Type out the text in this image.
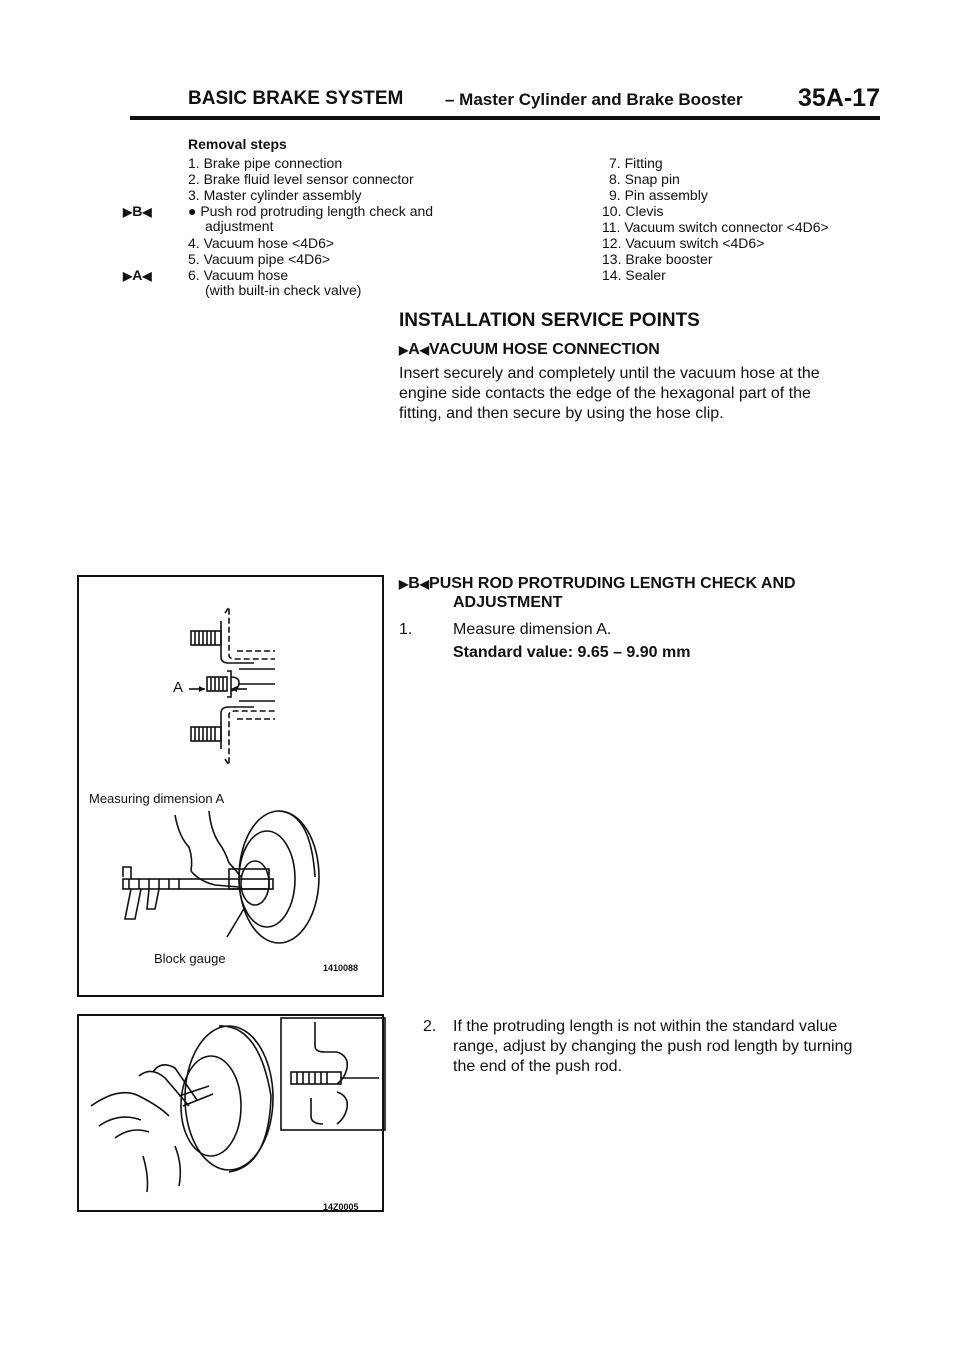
BASIC BRAKE SYSTEM – Master Cylinder and Brake Booster 35A-17
Removal steps
▶B◀
▶A◀
1. Brake pipe connection
2. Brake fluid level sensor connector
3. Master cylinder assembly
● Push rod protruding length check and
adjustment
4. Vacuum hose <4D6>
5. Vacuum pipe <4D6>
6. Vacuum hose
(with built-in check valve)
7. Fitting
8. Snap pin
9. Pin assembly
10. Clevis
11. Vacuum switch connector <4D6>
12. Vacuum switch <4D6>
13. Brake booster
14. Sealer
INSTALLATION SERVICE POINTS
▶A◀VACUUM HOSE CONNECTION
Insert securely and completely until the vacuum hose at the
engine side contacts the edge of the hexagonal part of the
fitting, and then secure by using the hose clip.
▶B◀PUSH ROD PROTRUDING LENGTH CHECK AND
ADJUSTMENT
1.	Measure dimension A.
Standard value: 9.65 – 9.90 mm
2. If the protruding length is not within the standard value
range, adjust by changing the push rod length by turning
the end of the push rod.
A
Measuring dimension A
Block gauge
1410088
14Z0005
